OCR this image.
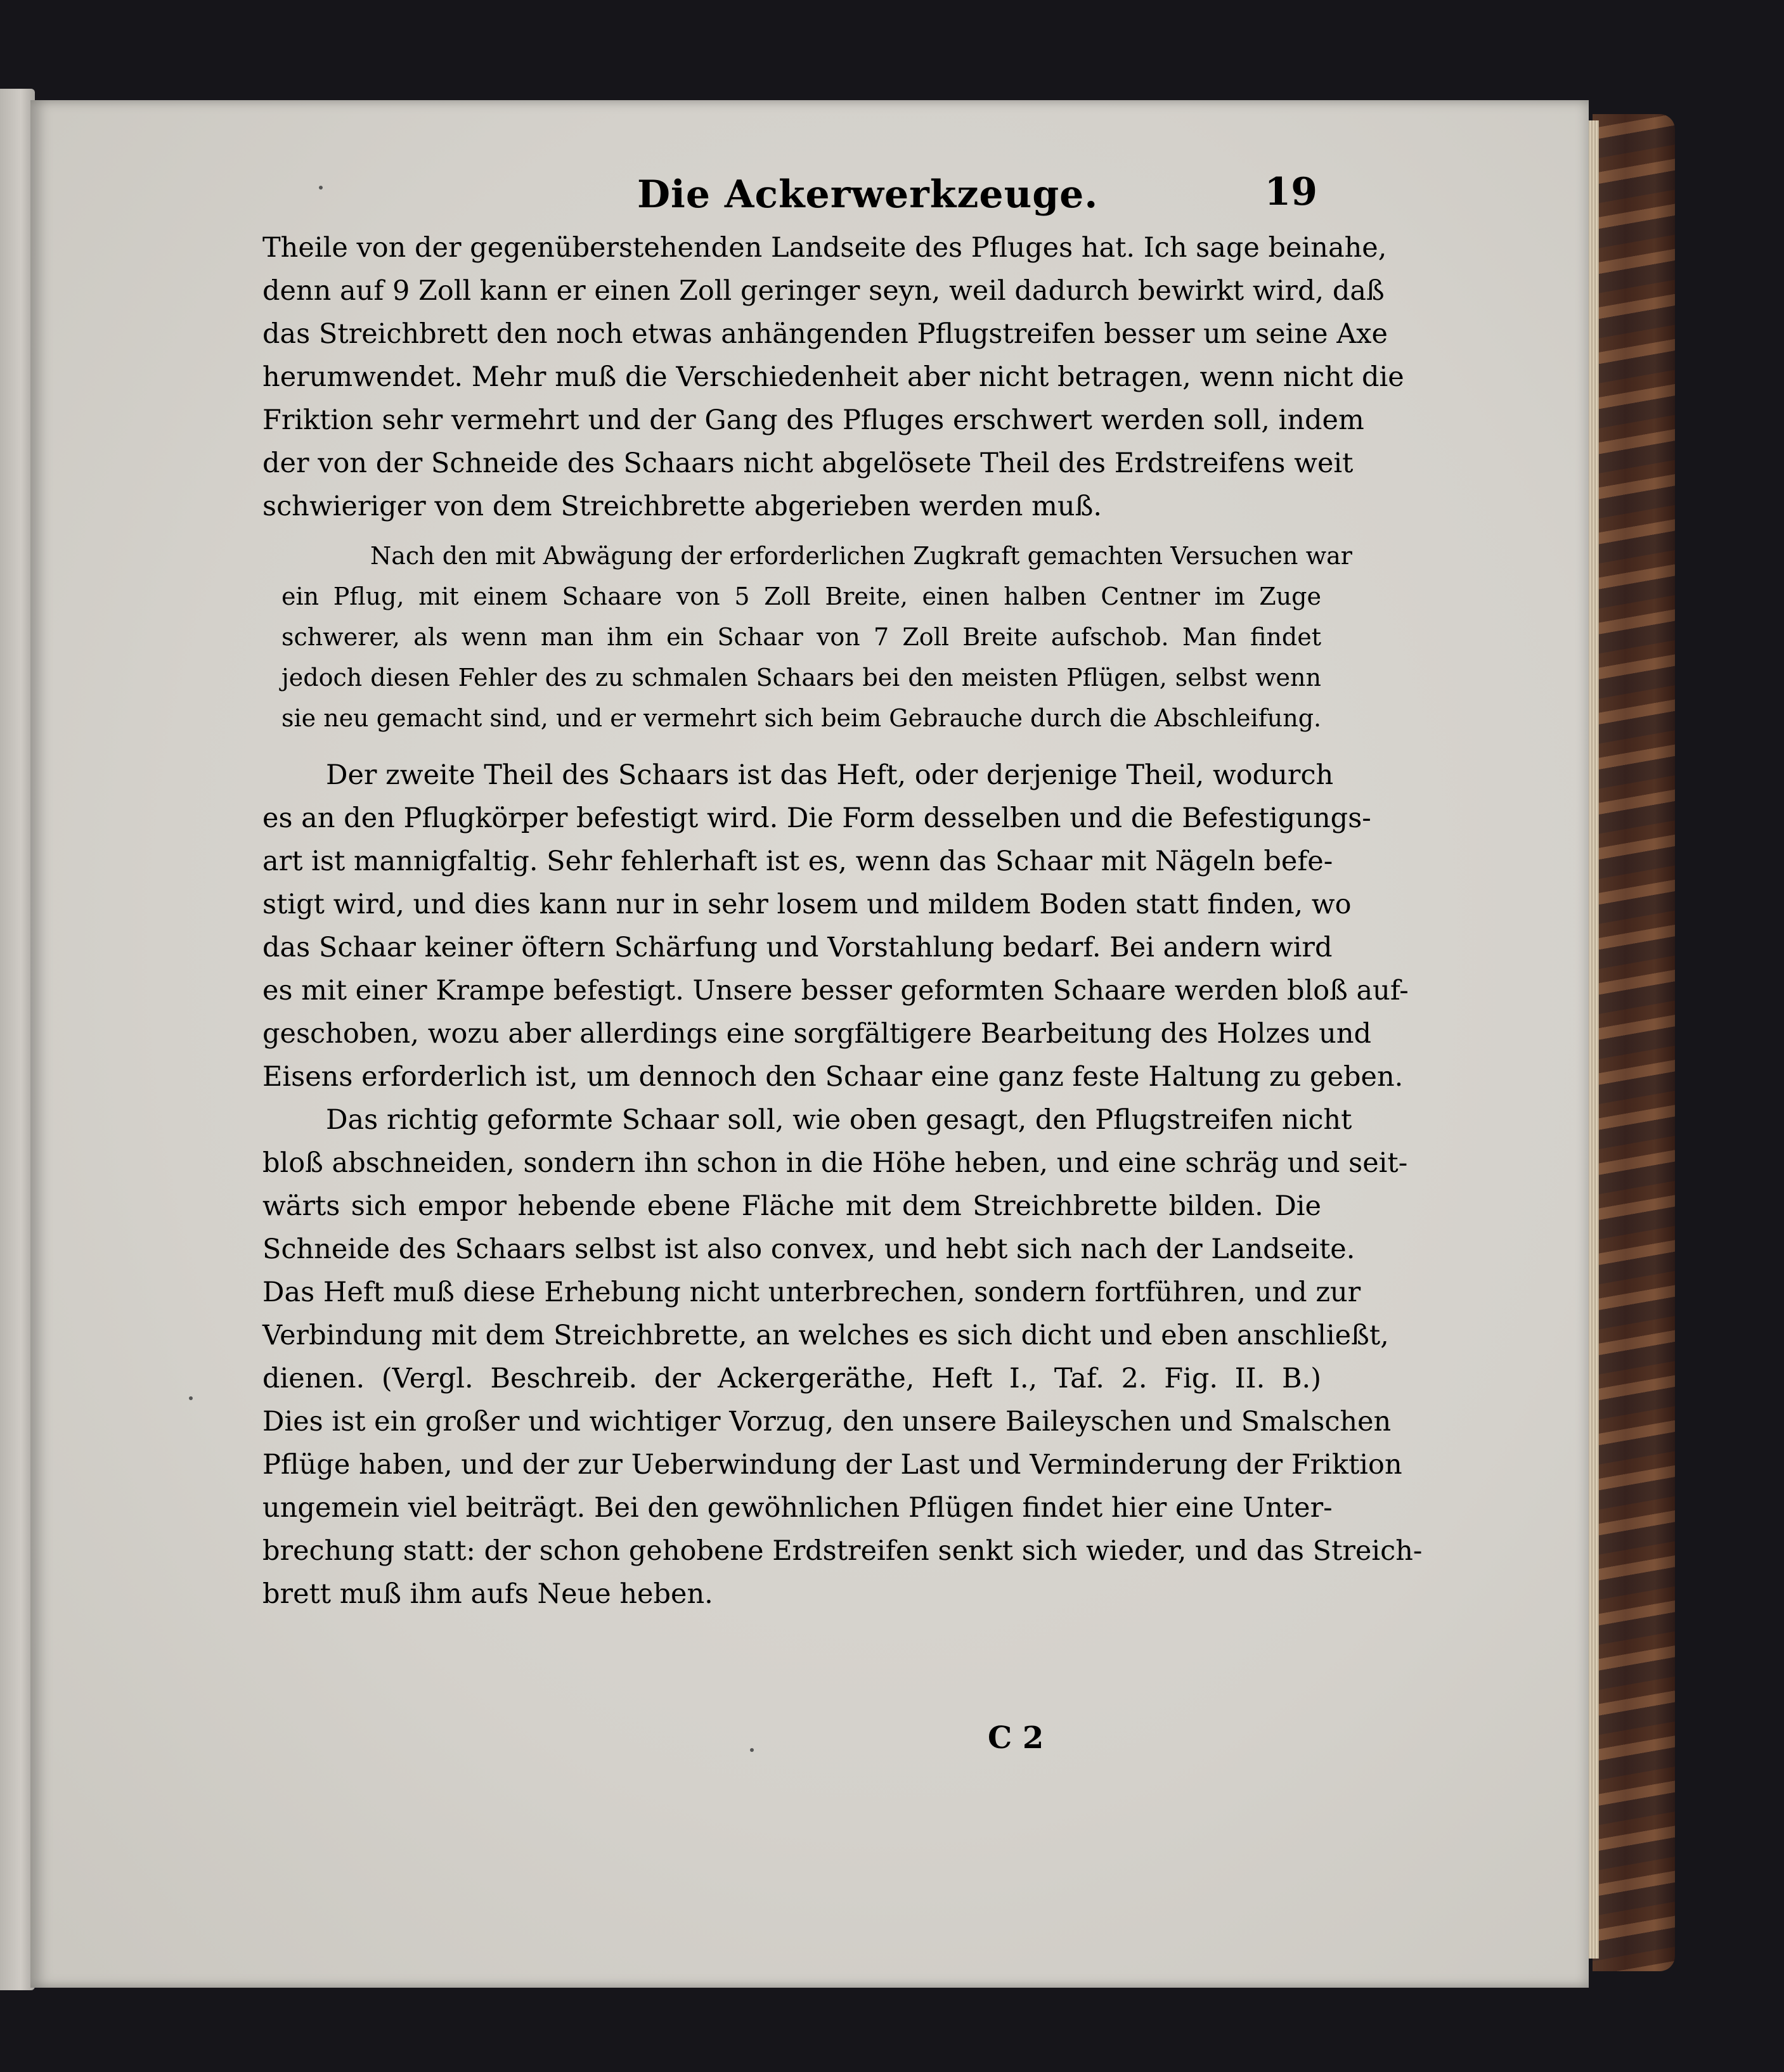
Die Ackerwerkzeuge.	19
Theile von der gegenüberstehenden Landseite des Pfluges hat. Ich sage beinahe,
denn auf 9 Zoll kann er einen Zoll geringer seyn, weil dadurch bewirkt wird, daß
das Streichbrett den noch etwas anhängenden Pflugstreifen besser um seine Axe
herumwendet. Mehr muß die Verschiedenheit aber nicht betragen, wenn nicht die
Friktion sehr vermehrt und der Gang des Pfluges erschwert werden soll, indem
der von der Schneide des Schaars nicht abgelösete Theil des Erdstreifens weit
schwieriger von dem Streichbrette abgerieben werden muß.
Nach den mit Abwägung der erforderlichen Zugkraft gemachten Versuchen war
ein Pflug, mit einem Schaare von 5 Zoll Breite, einen halben Centner im Zuge
schwerer, als wenn man ihm ein Schaar von 7 Zoll Breite aufschob. Man findet
jedoch diesen Fehler des zu schmalen Schaars bei den meisten Pflügen, selbst wenn
sie neu gemacht sind, und er vermehrt sich beim Gebrauche durch die Abschleifung.
Der zweite Theil des Schaars ist das Heft, oder derjenige Theil, wodurch
es an den Pflugkörper befestigt wird. Die Form desselben und die Befestigungs-
art ist mannigfaltig. Sehr fehlerhaft ist es, wenn das Schaar mit Nägeln befe-
stigt wird, und dies kann nur in sehr losem und mildem Boden statt finden, wo
das Schaar keiner öftern Schärfung und Vorstahlung bedarf. Bei andern wird
es mit einer Krampe befestigt. Unsere besser geformten Schaare werden bloß auf-
geschoben, wozu aber allerdings eine sorgfältigere Bearbeitung des Holzes und
Eisens erforderlich ist, um dennoch den Schaar eine ganz feste Haltung zu geben.
Das richtig geformte Schaar soll, wie oben gesagt, den Pflugstreifen nicht
bloß abschneiden, sondern ihn schon in die Höhe heben, und eine schräg und seit-
wärts sich empor hebende ebene Fläche mit dem Streichbrette bilden. Die
Schneide des Schaars selbst ist also convex, und hebt sich nach der Landseite.
Das Heft muß diese Erhebung nicht unterbrechen, sondern fortführen, und zur
Verbindung mit dem Streichbrette, an welches es sich dicht und eben anschließt,
dienen. (Vergl. Beschreib. der Ackergeräthe, Heft I., Taf. 2. Fig. II. B.)
Dies ist ein großer und wichtiger Vorzug, den unsere Baileyschen und Smalschen
Pflüge haben, und der zur Ueberwindung der Last und Verminderung der Friktion
ungemein viel beiträgt. Bei den gewöhnlichen Pflügen findet hier eine Unter-
brechung statt: der schon gehobene Erdstreifen senkt sich wieder, und das Streich-
brett muß ihm aufs Neue heben.
C 2
